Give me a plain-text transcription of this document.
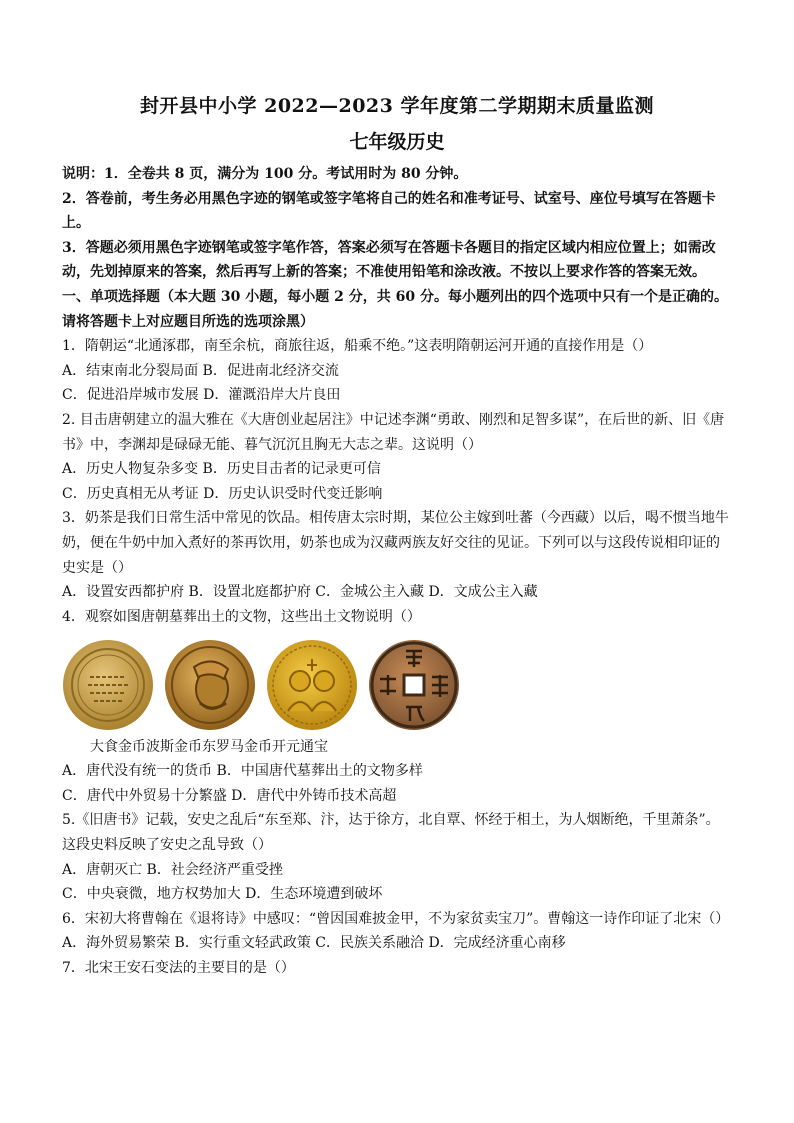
封开县中小学 2022—2023 学年度第二学期期末质量监测
七年级历史

说明：1．全卷共 8 页，满分为 100 分。考试用时为 80 分钟。

2．答卷前，考生务必用黑色字迹的钢笔或签字笔将自己的姓名和准考证号、试室号、座位号填写在答题卡上。

3．答题必须用黑色字迹钢笔或签字笔作答，答案必须写在答题卡各题目的指定区域内相应位置上；如需改动，先划掉原来的答案，然后再写上新的答案；不准使用铅笔和涂改液。不按以上要求作答的答案无效。

一、单项选择题（本大题 30 小题，每小题 2 分，共 60 分。每小题列出的四个选项中只有一个是正确的。请将答题卡上对应题目所选的选项涂黑）

1．隋朝运“北通涿郡，南至余杭，商旅往返，船乘不绝。”这表明隋朝运河开通的直接作用是（）

A．结束南北分裂局面 B．促进南北经济交流

C．促进沿岸城市发展 D．灌溉沿岸大片良田

2. 目击唐朝建立的温大雅在《大唐创业起居注》中记述李渊“勇敢、刚烈和足智多谋”，在后世的新、旧《唐书》中，李渊却是碌碌无能、暮气沉沉且胸无大志之辈。这说明（）

A．历史人物复杂多变 B．历史目击者的记录更可信

C．历史真相无从考证 D．历史认识受时代变迁影响

3．奶茶是我们日常生活中常见的饮品。相传唐太宗时期，某位公主嫁到吐蕃（今西藏）以后，喝不惯当地牛奶，便在牛奶中加入煮好的茶再饮用，奶茶也成为汉藏两族友好交往的见证。下列可以与这段传说相印证的史实是（）

A．设置安西都护府 B．设置北庭都护府 C．金城公主入藏 D．文成公主入藏

4．观察如图唐朝墓葬出土的文物，这些出土文物说明（）

大食金币波斯金币东罗马金币开元通宝

A．唐代没有统一的货币 B．中国唐代墓葬出土的文物多样

C．唐代中外贸易十分繁盛 D．唐代中外铸币技术高超

5.《旧唐书》记载，安史之乱后“东至郑、汴，达于徐方，北自覃、怀经于相土，为人烟断绝，千里萧条”。这段史料反映了安史之乱导致（）

A．唐朝灭亡 B．社会经济严重受挫

C．中央衰微，地方权势加大 D．生态环境遭到破坏

6．宋初大将曹翰在《退将诗》中感叹：“曾因国难披金甲，不为家贫卖宝刀”。曹翰这一诗作印证了北宋（）

A．海外贸易繁荣 B．实行重文轻武政策 C．民族关系融洽 D．完成经济重心南移

7．北宋王安石变法的主要目的是（）
